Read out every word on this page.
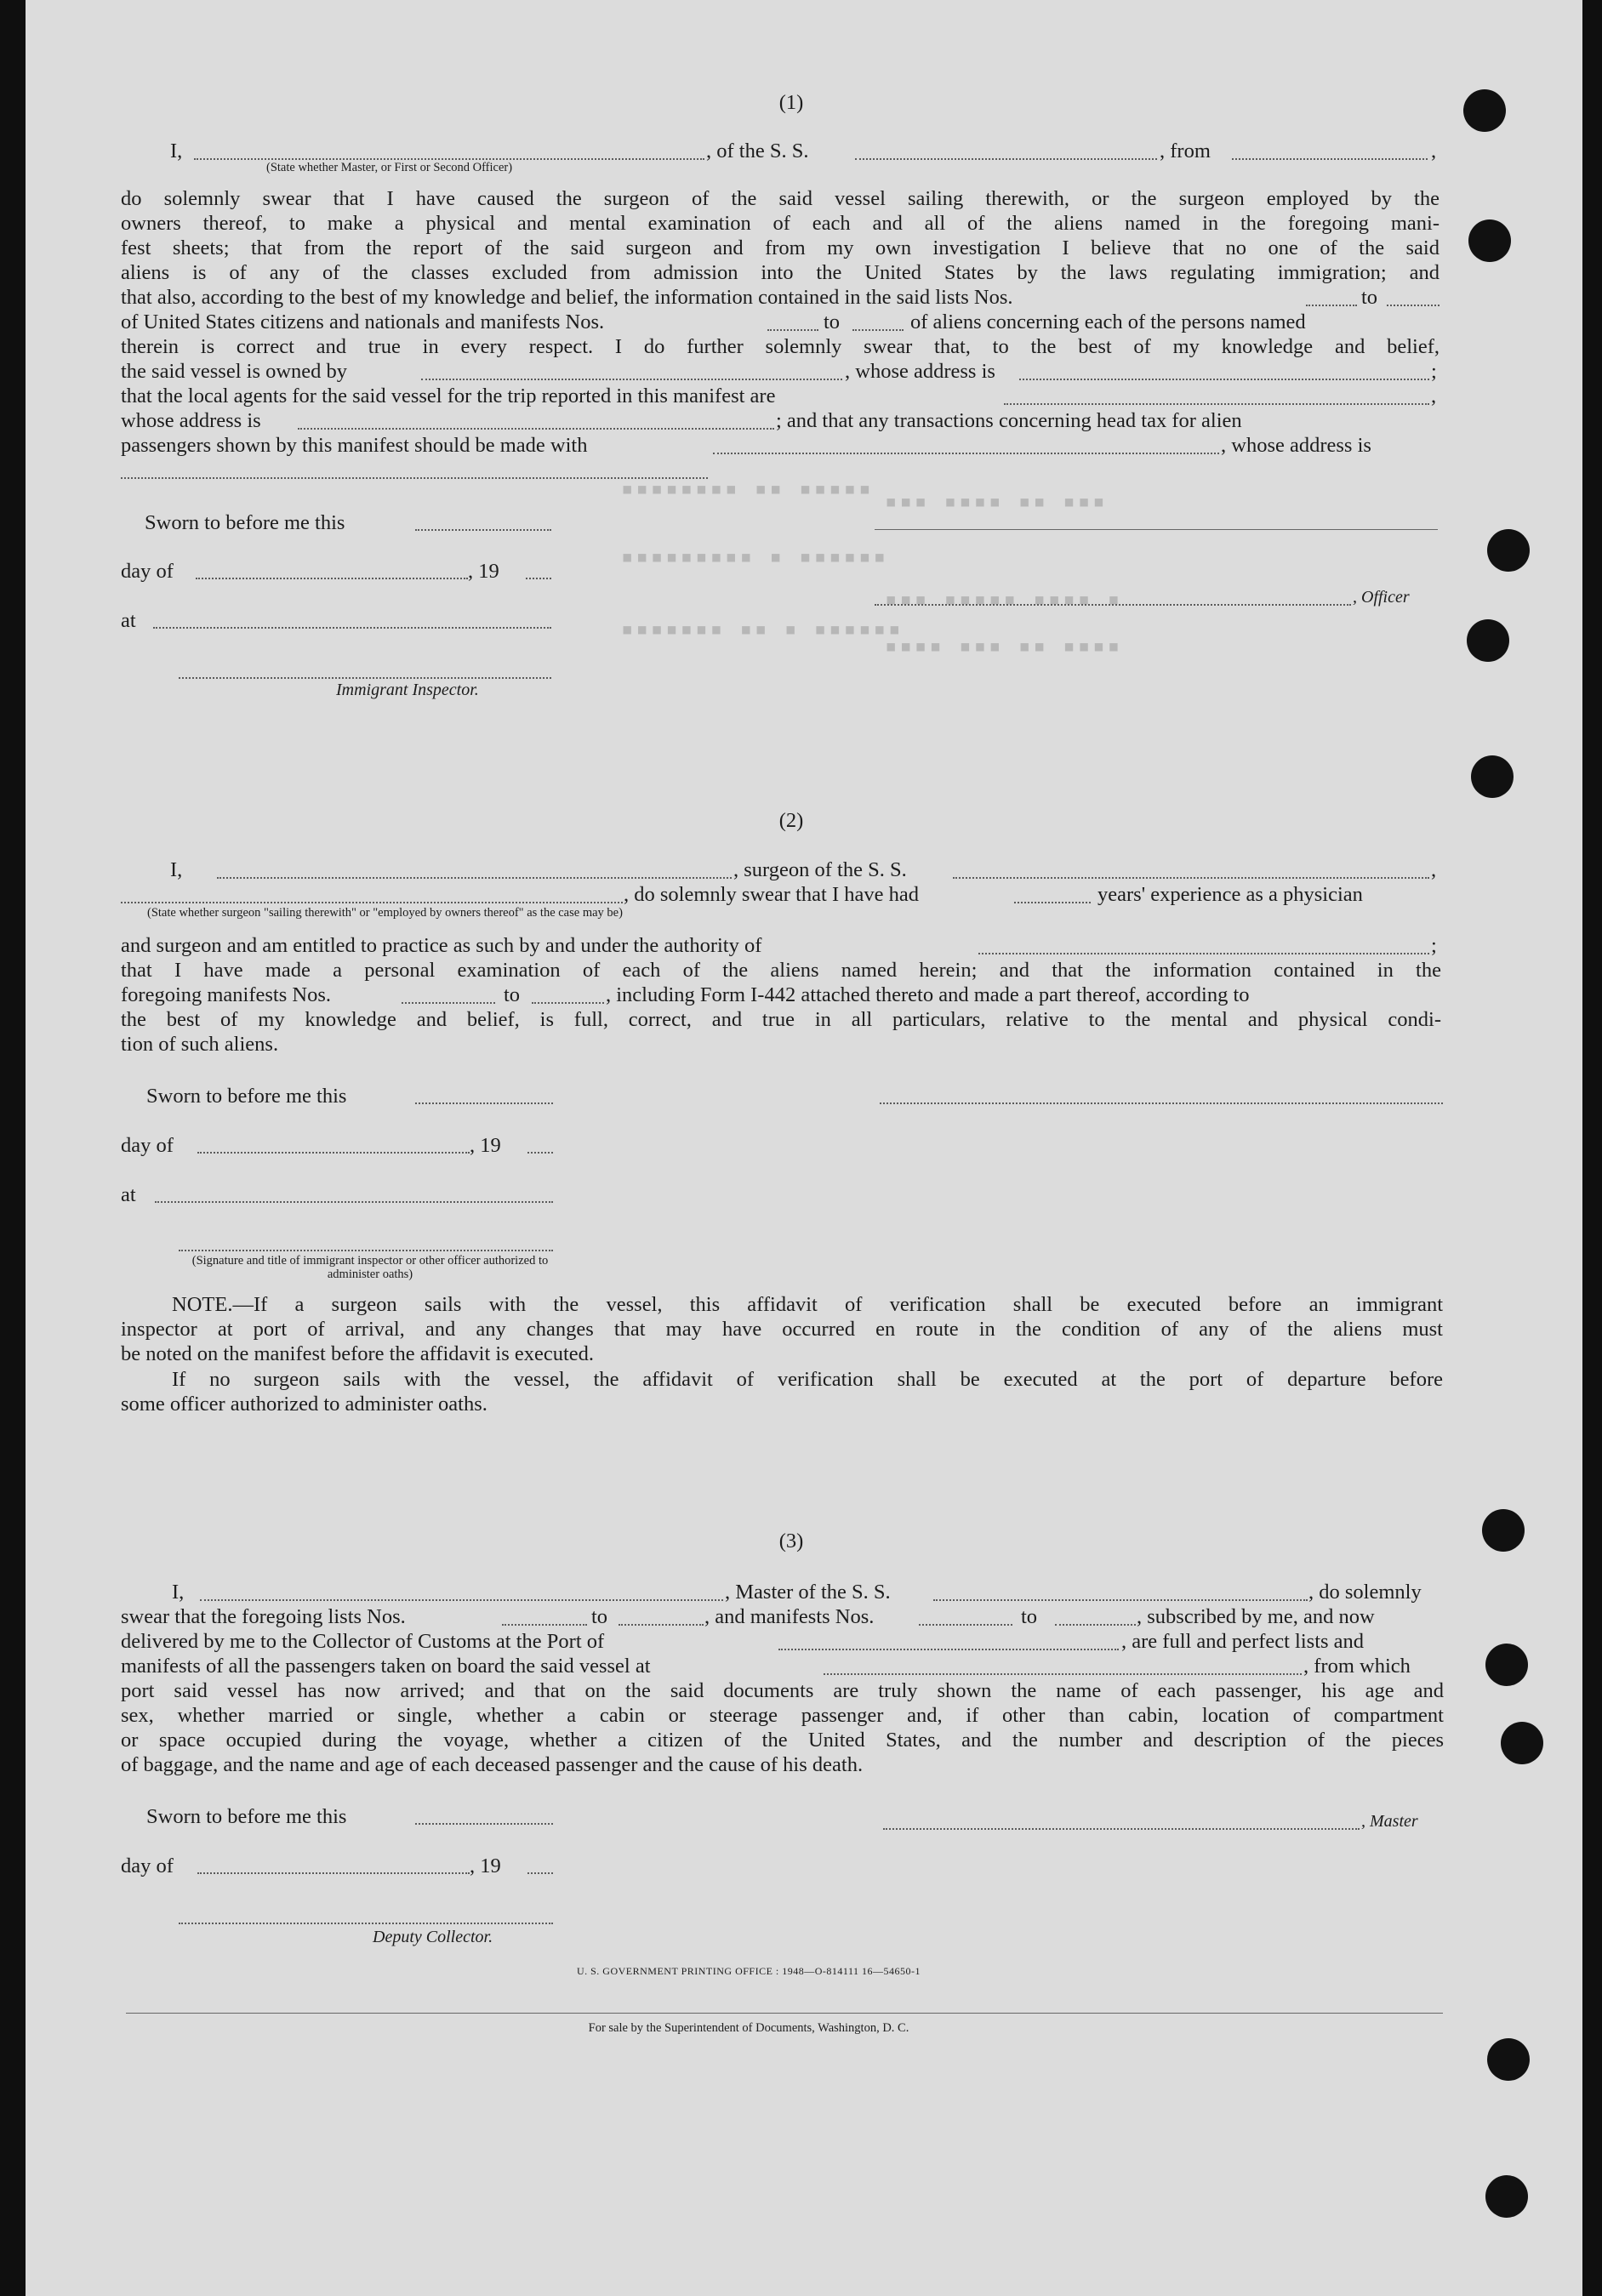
▪▪▪▪▪▪▪▪ ▪▪ ▪▪▪▪▪
▪▪▪▪▪▪▪▪▪ ▪ ▪▪▪▪▪▪
▪▪▪▪▪▪▪ ▪▪ ▪ ▪▪▪▪▪▪
▪▪▪ ▪▪▪▪ ▪▪ ▪▪▪
▪▪▪ ▪▪▪▪▪ ▪▪▪▪ ▪
▪▪▪▪ ▪▪▪ ▪▪ ▪▪▪▪
(1)
I,
(State whether Master, or First or Second Officer)
, of the S. S.	, from	,
do solemnly swear that I have caused the surgeon of the said vessel sailing therewith, or the surgeon employed by the
owners thereof, to make a physical and mental examination of each and all of the aliens named in the foregoing mani-
fest sheets; that from the report of the said surgeon and from my own investigation I believe that no one of the said
aliens is of any of the classes excluded from admission into the United States by the laws regulating immigration; and
that also, according to the best of my knowledge and belief, the information contained in the said lists Nos.	to
of United States citizens and nationals and manifests Nos.	to	of aliens concerning each of the persons named
therein is correct and true in every respect. I do further solemnly swear that, to the best of my knowledge and belief,
the said vessel is owned by	, whose address is	;
that the local agents for the said vessel for the trip reported in this manifest are	,
whose address is	; and that any transactions concerning head tax for alien
passengers shown by this manifest should be made with	, whose address is
Sworn to before me this
day of	, 19
, Officer
at
Immigrant Inspector.
(2)
I,	, surgeon of the S. S.	,
, do solemnly swear that I have had	years' experience as a physician
(State whether surgeon "sailing therewith" or "employed by owners thereof" as the case may be)
and surgeon and am entitled to practice as such by and under the authority of	;
that I have made a personal examination of each of the aliens named herein; and that the information contained in the
foregoing manifests Nos.	to	, including Form I-442 attached thereto and made a part thereof, according to
the best of my knowledge and belief, is full, correct, and true in all particulars, relative to the mental and physical condi-
tion of such aliens.
Sworn to before me this
day of	, 19
at
(Signature and title of immigrant inspector or other officer authorized to administer oaths)
NOTE.—If a surgeon sails with the vessel, this affidavit of verification shall be executed before an immigrant
inspector at port of arrival, and any changes that may have occurred en route in the condition of any of the aliens must
be noted on the manifest before the affidavit is executed.
If no surgeon sails with the vessel, the affidavit of verification shall be executed at the port of departure before
some officer authorized to administer oaths.
(3)
I,	, Master of the S. S.	, do solemnly
swear that the foregoing lists Nos.	to	, and manifests Nos.	to	, subscribed by me, and now
delivered by me to the Collector of Customs at the Port of	, are full and perfect lists and
manifests of all the passengers taken on board the said vessel at	, from which
port said vessel has now arrived; and that on the said documents are truly shown the name of each passenger, his age and
sex, whether married or single, whether a cabin or steerage passenger and, if other than cabin, location of compartment
or space occupied during the voyage, whether a citizen of the United States, and the number and description of the pieces
of baggage, and the name and age of each deceased passenger and the cause of his death.
Sworn to before me this	, Master
day of	, 19
Deputy Collector.
U. S. GOVERNMENT PRINTING OFFICE : 1948—O-814111 16—54650-1
For sale by the Superintendent of Documents, Washington, D. C.
